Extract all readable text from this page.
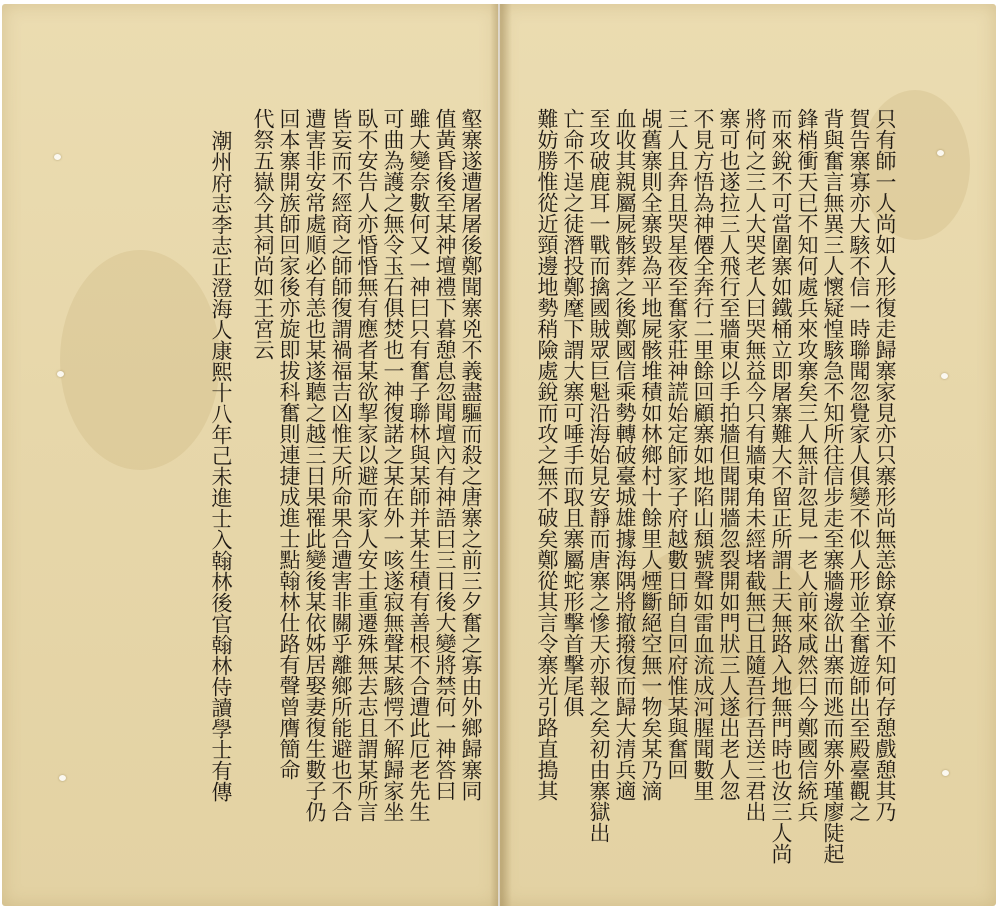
只有師一人尚如人形復走歸寨家見亦只寨形尚無恙餘寮並不知何存憩戲憩其乃
賀告寨寡亦大駭不信一時聯聞忽覺家人俱變不似人形並全奮遊師出至殿臺觀之
背與奮言無異三人懷疑惶駭急不知所往信步走至寨牆邊欲出寨而逃而寨外瑾廖陡起
鋒梢衝天已不知何處兵來攻寨矣三人無計忽見一老人前來咸然曰今鄭國信統兵
而來銳不可當圍寨如鐵桶立即屠寨難大不留正所謂上天無路入地無門時也汝三人尚
將何之三人大哭老人曰哭無益今只有牆東角未經堵截無已且隨吾行吾送三君出
寨可也遂拉三人飛行至牆東以手拍牆但聞開牆忽裂開如門狀三人遂出老人忽
不見方悟為神僊全奔行二里餘回顧寨如地陷山頹號聲如雷血流成河腥聞數里
三人且奔且哭星夜至奮家莊神謊始定師家子府越數日師自回府惟某與奮回
覘舊寨則全寨毀為平地屍骸堆積如林鄉村十餘里人煙斷絕空無一物矣某乃滴
血收其親屬屍骸葬之後鄭國信乘勢轉破臺城雄據海隅將撤撥復而歸大清兵適
至攻破鹿耳一戰而擒國賊眾巨魁沿海始見安靜而唐寨之慘天亦報之矣初由寨獄出
亡命不逞之徒潛投鄭麾下謂大寨可唾手而取且寨屬蛇形擊首擊尾俱
難妨勝惟從近頸邊地勢稍險處銳而攻之無不破矣鄭從其言令寨光引路直搗其
壑寨遂遭屠屠後鄭聞寨兇不義盡驅而殺之唐寨之前三夕奮之寡由外鄉歸寨同
值黃昏後至某神壇禮下暮憩息忽聞壇內有神語曰三日後大變將禁何一神答曰
雖大變奈數何又一神曰只有奮子聯林與某師并某生積有善根不合遭此厄老先生
可曲為護之無令玉石俱焚也一神復諾之某在外一咳遂寂無聲某駭愕不解歸家坐
臥不安告人亦惛惛無有應者某欲挈家以避而家人安土重遷殊無去志且謂某所言
皆妄而不經商之師師復謂禍福吉凶惟天所命果合遭害非關乎離鄉所能避也不合
遭害非安常處順必有恙也某遂聽之越三日果罹此變後某依姊居娶妻復生數子仍
回本寨開族師回家後亦旋即拔科奮則連捷成進士點翰林仕路有聲曾膺簡命
代祭五嶽今其祠尚如王宮云
潮州府志李志正澄海人康熙十八年己未進士入翰林後官翰林侍讀學士有傳
